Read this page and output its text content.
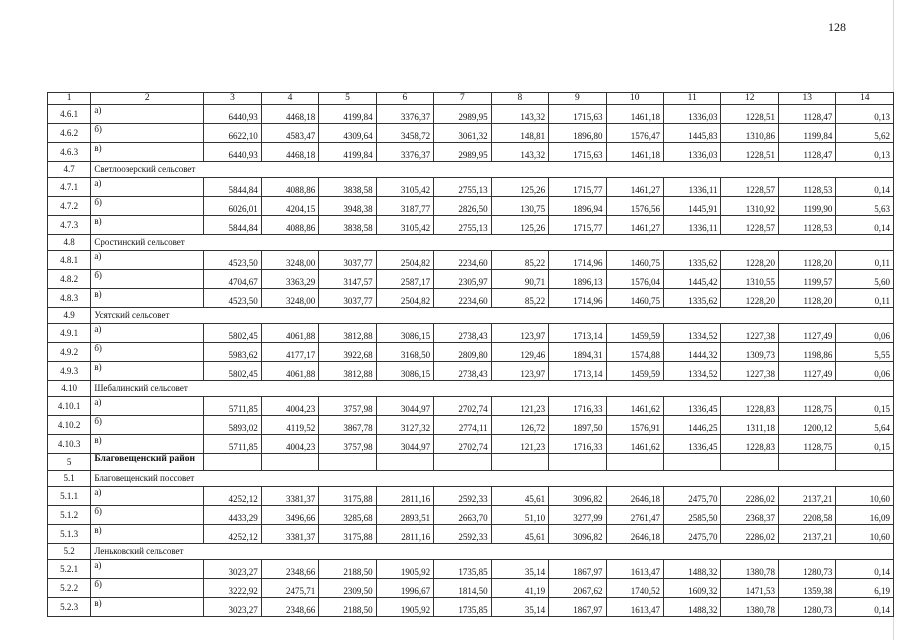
128
1	2	3	4	5	6	7	8	9	10	11	12	13	14
4.6.1	а)	6440,93	4468,18	4199,84	3376,37	2989,95	143,32	1715,63	1461,18	1336,03	1228,51	1128,47	0,13
4.6.2	б)	6622,10	4583,47	4309,64	3458,72	3061,32	148,81	1896,80	1576,47	1445,83	1310,86	1199,84	5,62
4.6.3	в)	6440,93	4468,18	4199,84	3376,37	2989,95	143,32	1715,63	1461,18	1336,03	1228,51	1128,47	0,13
4.7	Светлоозерский сельсовет												
4.7.1	а)	5844,84	4088,86	3838,58	3105,42	2755,13	125,26	1715,77	1461,27	1336,11	1228,57	1128,53	0,14
4.7.2	б)	6026,01	4204,15	3948,38	3187,77	2826,50	130,75	1896,94	1576,56	1445,91	1310,92	1199,90	5,63
4.7.3	в)	5844,84	4088,86	3838,58	3105,42	2755,13	125,26	1715,77	1461,27	1336,11	1228,57	1128,53	0,14
4.8	Сростинский сельсовет												
4.8.1	а)	4523,50	3248,00	3037,77	2504,82	2234,60	85,22	1714,96	1460,75	1335,62	1228,20	1128,20	0,11
4.8.2	б)	4704,67	3363,29	3147,57	2587,17	2305,97	90,71	1896,13	1576,04	1445,42	1310,55	1199,57	5,60
4.8.3	в)	4523,50	3248,00	3037,77	2504,82	2234,60	85,22	1714,96	1460,75	1335,62	1228,20	1128,20	0,11
4.9	Усятский сельсовет												
4.9.1	а)	5802,45	4061,88	3812,88	3086,15	2738,43	123,97	1713,14	1459,59	1334,52	1227,38	1127,49	0,06
4.9.2	б)	5983,62	4177,17	3922,68	3168,50	2809,80	129,46	1894,31	1574,88	1444,32	1309,73	1198,86	5,55
4.9.3	в)	5802,45	4061,88	3812,88	3086,15	2738,43	123,97	1713,14	1459,59	1334,52	1227,38	1127,49	0,06
4.10	Шебалинский сельсовет												
4.10.1	а)	5711,85	4004,23	3757,98	3044,97	2702,74	121,23	1716,33	1461,62	1336,45	1228,83	1128,75	0,15
4.10.2	б)	5893,02	4119,52	3867,78	3127,32	2774,11	126,72	1897,50	1576,91	1446,25	1311,18	1200,12	5,64
4.10.3	в)	5711,85	4004,23	3757,98	3044,97	2702,74	121,23	1716,33	1461,62	1336,45	1228,83	1128,75	0,15
5	Благовещенский район												
5.1	Благовещенский поссовет												
5.1.1	а)	4252,12	3381,37	3175,88	2811,16	2592,33	45,61	3096,82	2646,18	2475,70	2286,02	2137,21	10,60
5.1.2	б)	4433,29	3496,66	3285,68	2893,51	2663,70	51,10	3277,99	2761,47	2585,50	2368,37	2208,58	16,09
5.1.3	в)	4252,12	3381,37	3175,88	2811,16	2592,33	45,61	3096,82	2646,18	2475,70	2286,02	2137,21	10,60
5.2	Леньковский сельсовет												
5.2.1	а)	3023,27	2348,66	2188,50	1905,92	1735,85	35,14	1867,97	1613,47	1488,32	1380,78	1280,73	0,14
5.2.2	б)	3222,92	2475,71	2309,50	1996,67	1814,50	41,19	2067,62	1740,52	1609,32	1471,53	1359,38	6,19
5.2.3	в)	3023,27	2348,66	2188,50	1905,92	1735,85	35,14	1867,97	1613,47	1488,32	1380,78	1280,73	0,14
